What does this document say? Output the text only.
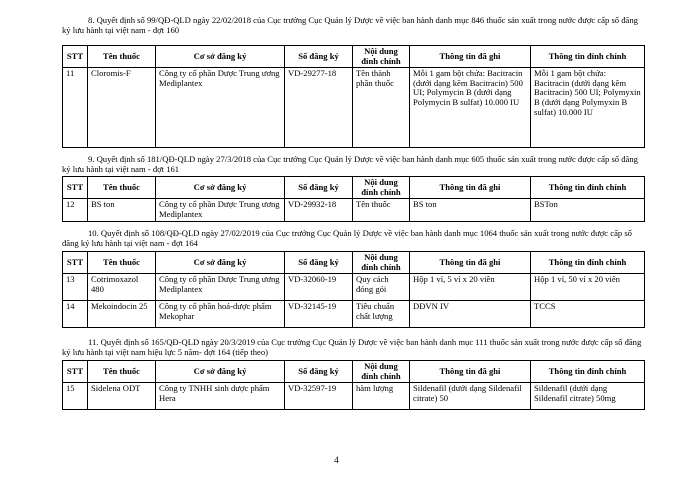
8. Quyết định số 99/QĐ-QLD ngày 22/02/2018 của Cục trưởng Cục Quản lý Dược về việc ban hành danh mục 846 thuốc sản xuất trong nước được cấp số đăng ký lưu hành tại việt nam - đợt 160
STT	Tên thuốc	Cơ sở đăng ký	Số đăng ký	Nội dung đính chính	Thông tin đã ghi	Thông tin đính chính
11	Cloromis-F	Công ty cổ phần Dược Trung ương Mediplantex	VD-29277-18	Tên thành phần thuốc	Mỗi 1 gam bột chứa: Bacitracin (dưới dạng kẽm Bacitracin) 500 UI; Polymycin B (dưới dạng Polymycin B sulfat) 10.000 IU	Mỗi 1 gam bột chứa: Bacitracin (dưới dạng kẽm Bacitracin) 500 UI; Polymyxin B (dưới dạng Polymyxin B sulfat) 10.000 IU
9. Quyết định số 181/QĐ-QLD ngày 27/3/2018 của Cục trưởng Cục Quản lý Dược về việc ban hành danh mục 605 thuốc sản xuất trong nước được cấp số đăng ký lưu hành tại việt nam - đợt 161
STT	Tên thuốc	Cơ sở đăng ký	Số đăng ký	Nội dung đính chính	Thông tin đã ghi	Thông tin đính chính
12	BS ton	Công ty cổ phần Dược Trung ương Mediplantex	VD-29932-18	Tên thuốc	BS ton	BSTon
10. Quyết định số 108/QĐ-QLD ngày 27/02/2019 của Cục trưởng Cục Quản lý Dược về việc ban hành danh mục 1064 thuốc sản xuất trong nước được cấp số đăng ký lưu hành tại việt nam - đợt 164
STT	Tên thuốc	Cơ sở đăng ký	Số đăng ký	Nội dung đính chính	Thông tin đã ghi	Thông tin đính chính
13	Cotrimoxazol 480	Công ty cổ phần Dược Trung ương Mediplantex	VD-32060-19	Quy cách đóng gói	Hộp 1 vỉ, 5 vỉ x 20 viên	Hộp 1 vỉ, 50 vỉ x 20 viên
14	Mekoindocin 25	Công ty cổ phần hoá-dược phẩm Mekophar	VD-32145-19	Tiêu chuẩn chất lượng	DĐVN IV	TCCS
11. Quyết định số 165/QĐ-QLD ngày 20/3/2019 của Cục trưởng Cục Quản lý Dược về việc ban hành danh mục 111 thuốc sản xuất trong nước được cấp số đăng ký lưu hành tại việt nam hiệu lực 5 năm- đợt 164 (tiếp theo)
STT	Tên thuốc	Cơ sở đăng ký	Số đăng ký	Nội dung đính chính	Thông tin đã ghi	Thông tin đính chính
15	Sidelena ODT	Công ty TNHH sinh dược phẩm Hera	VD-32597-19	hàm lượng	Sildenafil (dưới dạng Sildenafil citrate) 50	Sildenafil (dưới dạng Sildenafil citrate) 50mg
4
